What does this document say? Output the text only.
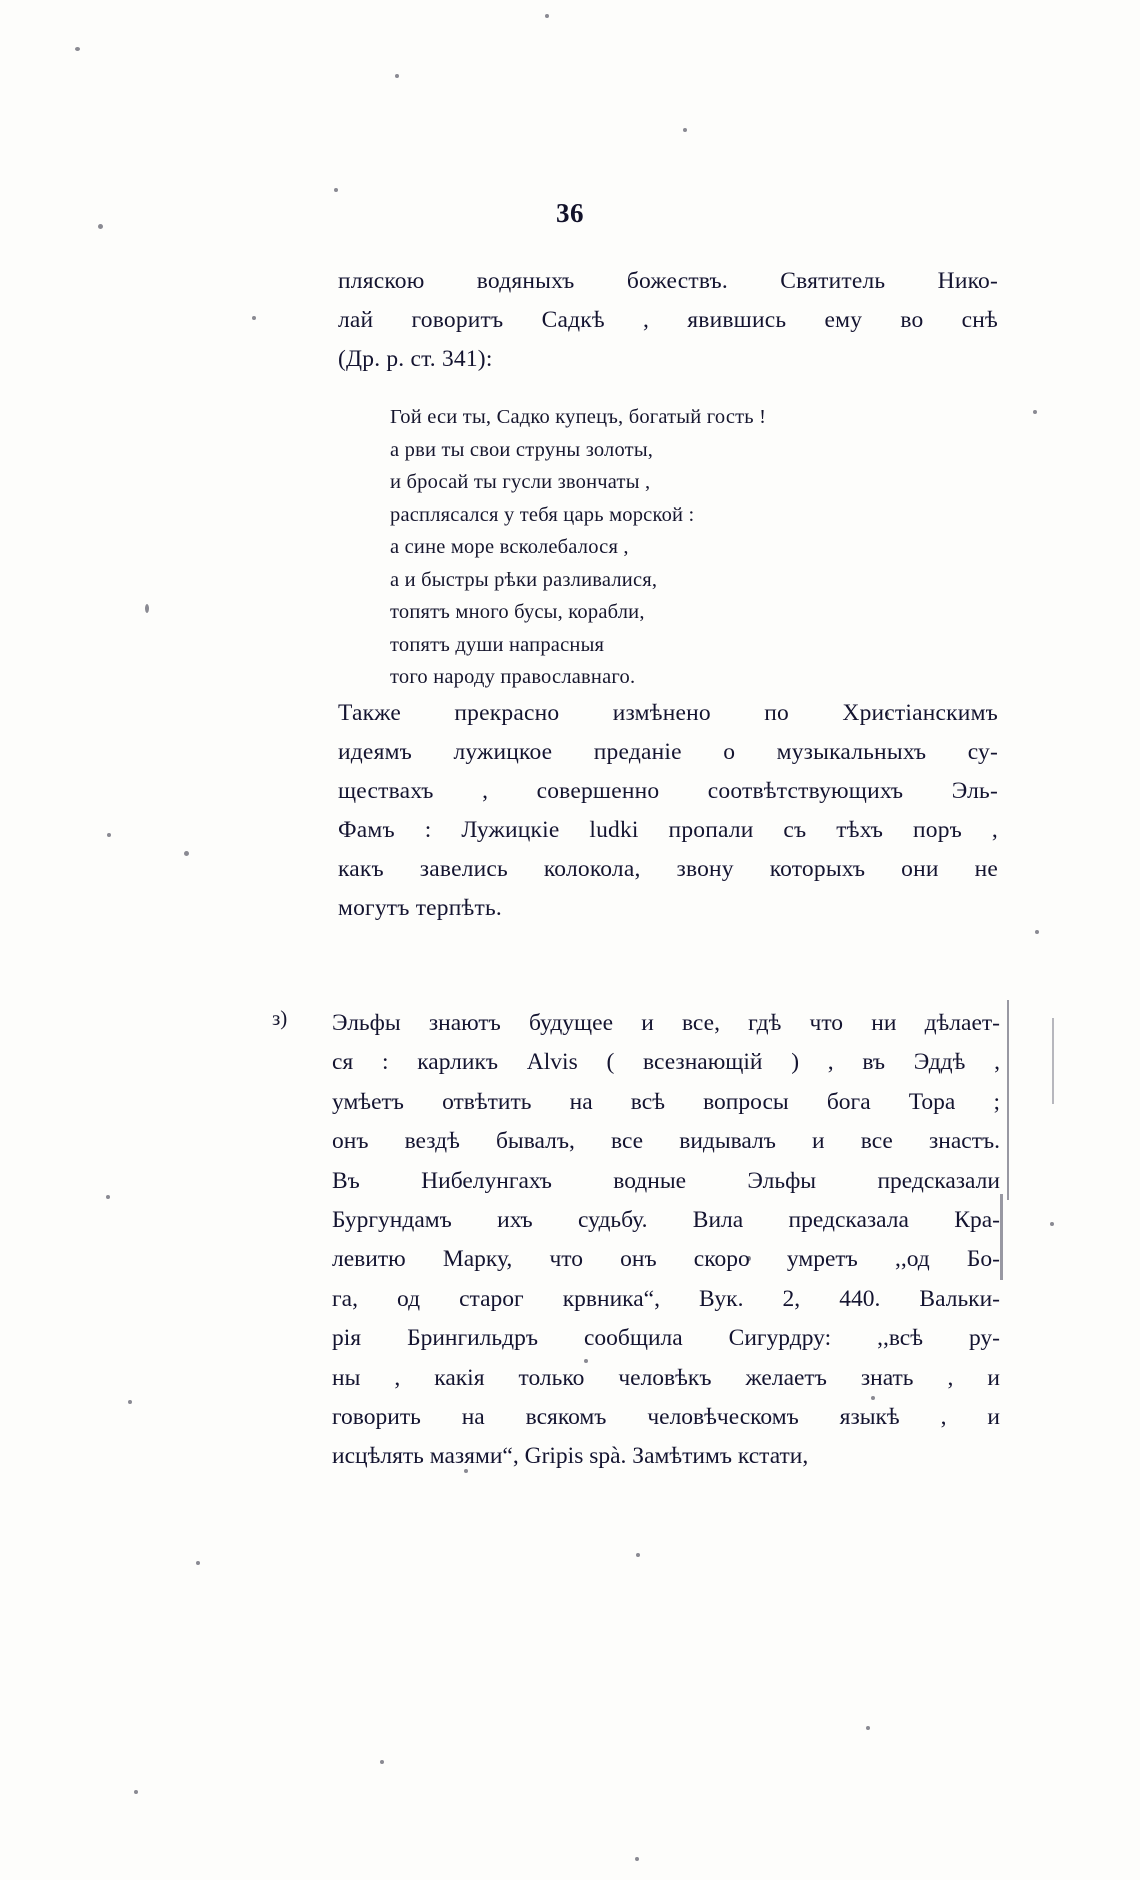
36

пляскою водяныхъ божествъ. Святитель Нико-
лай говоритъ Садкѣ , явившись ему во снѣ
(Др. р. ст. 341):

Гой еси ты, Садко купецъ, богатый гость !
а рви ты свои струны золоты,
и бросай ты гусли звончаты ,
расплясался у тебя царь морской :
а сине море всколебалося ,
а и быстры рѣки разливалися,
топятъ много бусы, корабли,
топятъ души напрасныя
того народу православнаго.

Также прекрасно измѣнено по Христіанскимъ
идеямъ лужицкое преданіе о музыкальныхъ су-
ществахъ , совершенно соотвѣтствующихъ Эль-
Фамъ : Лужицкіе ludki пропали съ тѣхъ поръ ,
какъ завелись колокола, звону которыхъ они не
могутъ терпѣть.

з) Эльфы знаютъ будущее и все, гдѣ что ни дѣлает-
ся : карликъ Alvis ( всезнающій ) , въ Эддѣ ,
умѣетъ отвѣтить на всѣ вопросы бога Тора ;
онъ вездѣ бывалъ, все видывалъ и все знастъ.
Въ Нибелунгахъ водные Эльфы предсказали
Бургундамъ ихъ судьбу. Вила предсказала Кра-
левитю Марку, что онъ скоро умретъ ,,од Бо-
га, од старог крвника“, Вук. 2, 440. Вальки-
рія Брингильдръ сообщила Сигурдру: ,,всѣ ру-
ны , какія только человѣкъ желаетъ знать , и
говорить на всякомъ человѣческомъ языкѣ , и
исцѣлять мазями“, Gripis spà. Замѣтимъ кстати,
